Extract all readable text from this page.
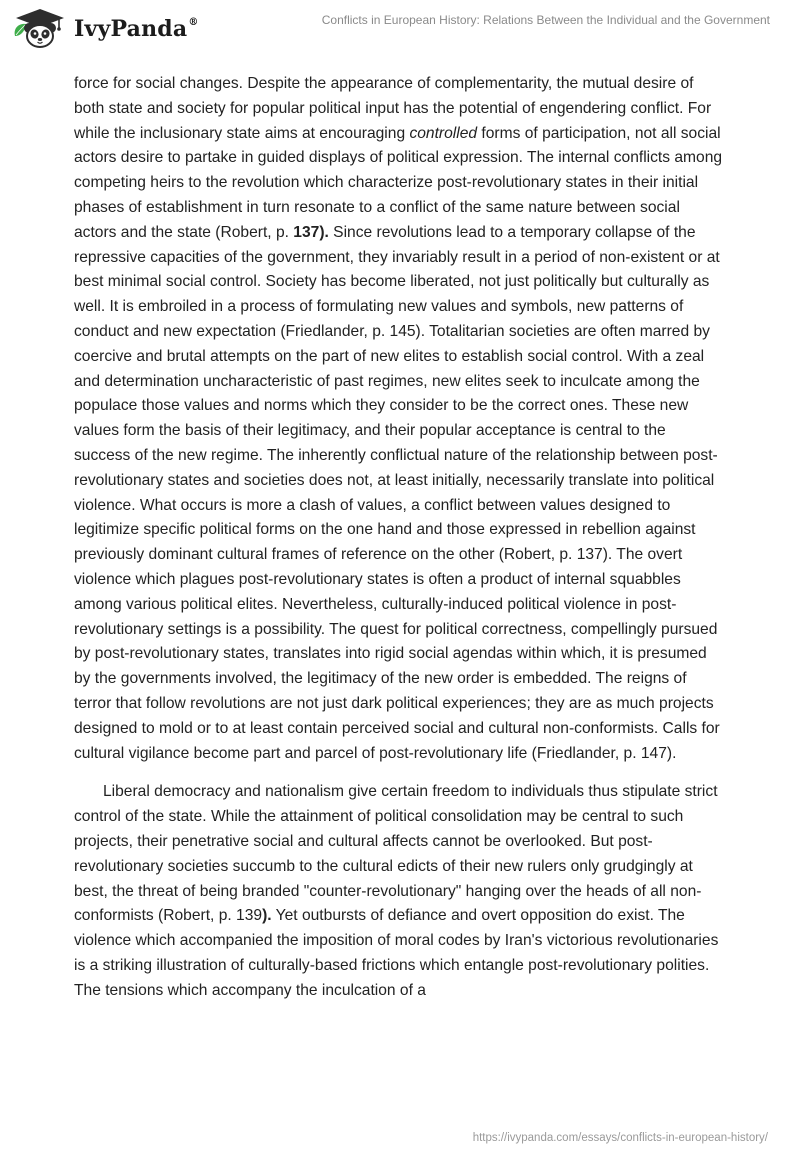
IvyPanda®	Conflicts in European History: Relations Between the Individual and the Government

force for social changes. Despite the appearance of complementarity, the mutual desire of both state and society for popular political input has the potential of engendering conflict. For while the inclusionary state aims at encouraging controlled forms of participation, not all social actors desire to partake in guided displays of political expression. The internal conflicts among competing heirs to the revolution which characterize post-revolutionary states in their initial phases of establishment in turn resonate to a conflict of the same nature between social actors and the state (Robert, p. 137). Since revolutions lead to a temporary collapse of the repressive capacities of the government, they invariably result in a period of non-existent or at best minimal social control. Society has become liberated, not just politically but culturally as well. It is embroiled in a process of formulating new values and symbols, new patterns of conduct and new expectation (Friedlander, p. 145). Totalitarian societies are often marred by coercive and brutal attempts on the part of new elites to establish social control. With a zeal and determination uncharacteristic of past regimes, new elites seek to inculcate among the populace those values and norms which they consider to be the correct ones. These new values form the basis of their legitimacy, and their popular acceptance is central to the success of the new regime. The inherently conflictual nature of the relationship between post-revolutionary states and societies does not, at least initially, necessarily translate into political violence. What occurs is more a clash of values, a conflict between values designed to legitimize specific political forms on the one hand and those expressed in rebellion against previously dominant cultural frames of reference on the other (Robert, p. 137). The overt violence which plagues post-revolutionary states is often a product of internal squabbles among various political elites. Nevertheless, culturally-induced political violence in post-revolutionary settings is a possibility. The quest for political correctness, compellingly pursued by post-revolutionary states, translates into rigid social agendas within which, it is presumed by the governments involved, the legitimacy of the new order is embedded. The reigns of terror that follow revolutions are not just dark political experiences; they are as much projects designed to mold or to at least contain perceived social and cultural non-conformists. Calls for cultural vigilance become part and parcel of post-revolutionary life (Friedlander, p. 147).

Liberal democracy and nationalism give certain freedom to individuals thus stipulate strict control of the state. While the attainment of political consolidation may be central to such projects, their penetrative social and cultural affects cannot be overlooked. But post-revolutionary societies succumb to the cultural edicts of their new rulers only grudgingly at best, the threat of being branded "counter-revolutionary" hanging over the heads of all non-conformists (Robert, p. 139). Yet outbursts of defiance and overt opposition do exist. The violence which accompanied the imposition of moral codes by Iran's victorious revolutionaries is a striking illustration of culturally-based frictions which entangle post-revolutionary polities. The tensions which accompany the inculcation of a

https://ivypanda.com/essays/conflicts-in-european-history/
